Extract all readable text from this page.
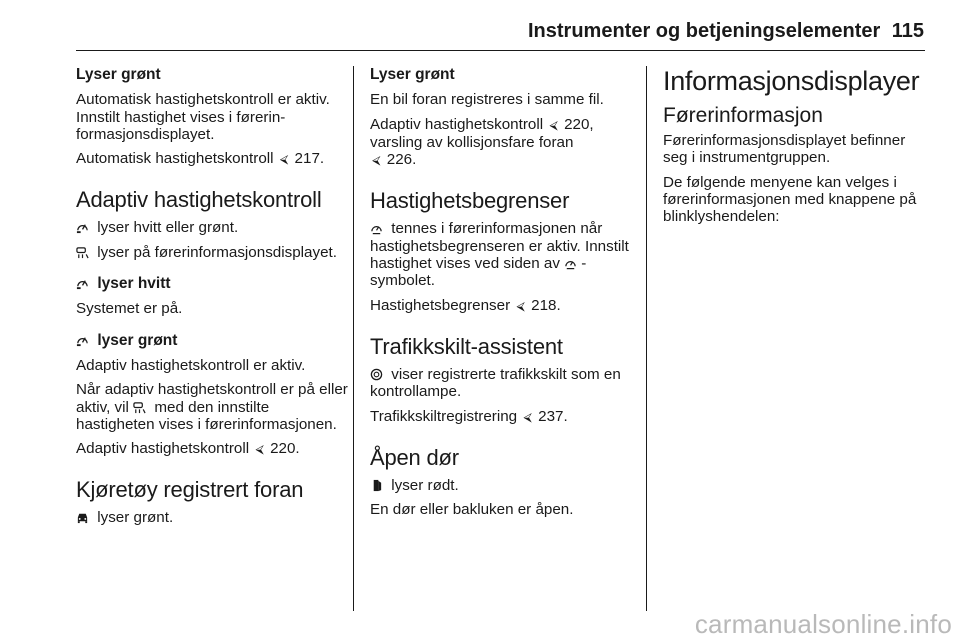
Instrumenter og betjeningselementer 115
Lyser grønt

Automatisk hastighetskontroll er aktiv. Innstilt hastighet vises i førerinformasjonsdisplayet.

Automatisk hastighetskontroll ⮘ 217.

Adaptiv hastighetskontroll

lyser hvitt eller grønt.

lyser på førerinformasjonsdisplayet.

lyser hvitt

Systemet er på.

lyser grønt

Adaptiv hastighetskontroll er aktiv.

Når adaptiv hastighetskontroll er på eller aktiv, vil med den innstilte hastigheten vises i førerinformasjonen.

Adaptiv hastighetskontroll ⮘ 220.

Kjøretøy registrert foran

lyser grønt.

Lyser grønt

En bil foran registreres i samme fil.

Adaptiv hastighetskontroll ⮘ 220, varsling av kollisjonsfare foran
⮘ 226.

Hastighetsbegrenser

tennes i førerinformasjonen når hastighetsbegrenseren er aktiv. Innstilt hastighet vises ved siden av -symbolet.

Hastighetsbegrenser ⮘ 218.

Trafikkskilt-assistent

viser registrerte trafikkskilt som en kontrollampe.

Trafikkskiltregistrering ⮘ 237.

Åpen dør

lyser rødt.

En dør eller bakluken er åpen.

Informasjonsdisplayer
Førerinformasjon

Førerinformasjonsdisplayet befinner seg i instrumentgruppen.

De følgende menyene kan velges i førerinformasjonen med knappene på blinklyshendelen:

carmanualsonline.info
